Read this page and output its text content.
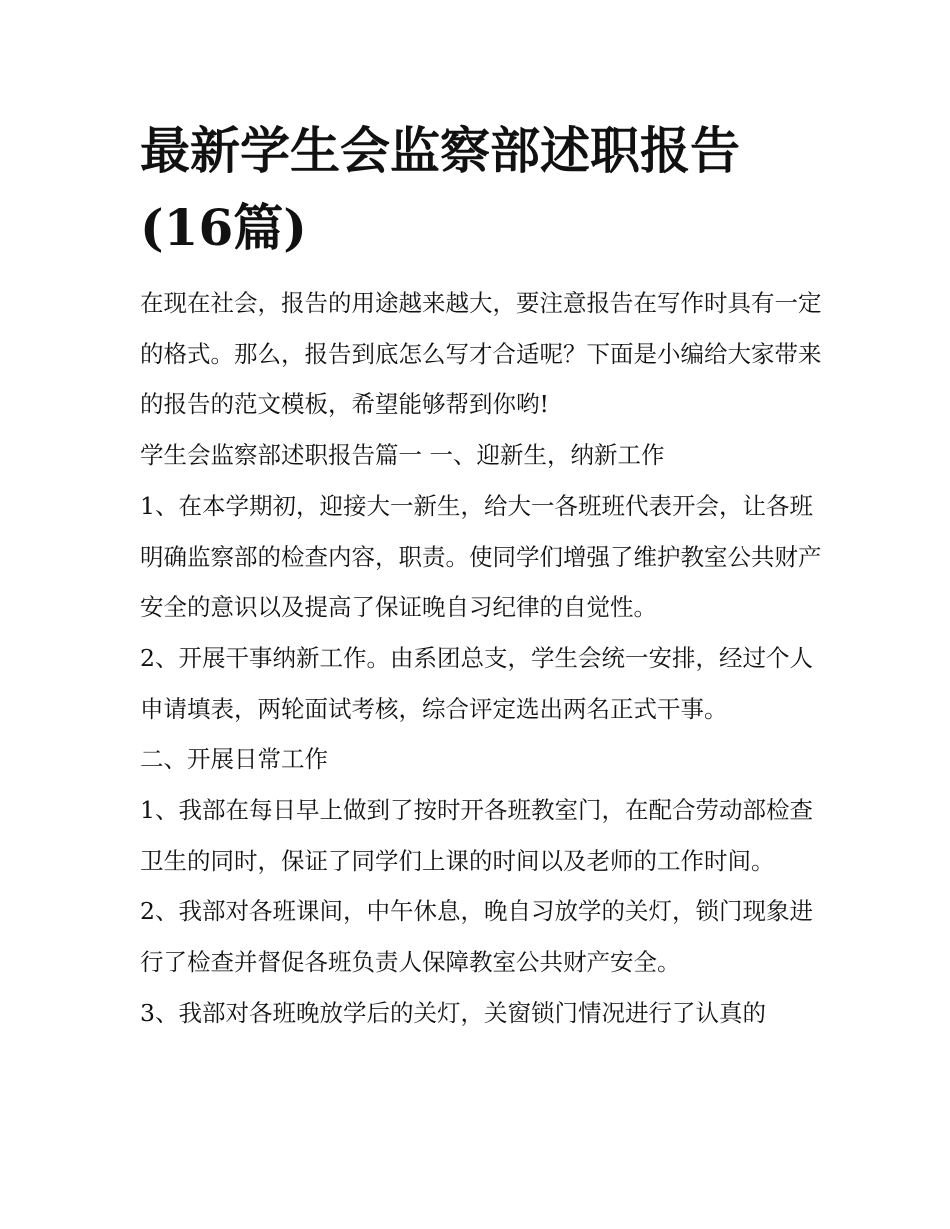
最新学生会监察部述职报告(16篇)

在现在社会，报告的用途越来越大，要注意报告在写作时具有一定的格式。那么，报告到底怎么写才合适呢？下面是小编给大家带来的报告的范文模板，希望能够帮到你哟!

学生会监察部述职报告篇一 一、迎新生，纳新工作

1、在本学期初，迎接大一新生，给大一各班班代表开会，让各班明确监察部的检查内容，职责。使同学们增强了维护教室公共财产安全的意识以及提高了保证晚自习纪律的自觉性。

2、开展干事纳新工作。由系团总支，学生会统一安排，经过个人申请填表，两轮面试考核，综合评定选出两名正式干事。

二、开展日常工作

1、我部在每日早上做到了按时开各班教室门，在配合劳动部检查卫生的同时，保证了同学们上课的时间以及老师的工作时间。

2、我部对各班课间，中午休息，晚自习放学的关灯，锁门现象进行了检查并督促各班负责人保障教室公共财产安全。

3、我部对各班晚放学后的关灯，关窗锁门情况进行了认真的
